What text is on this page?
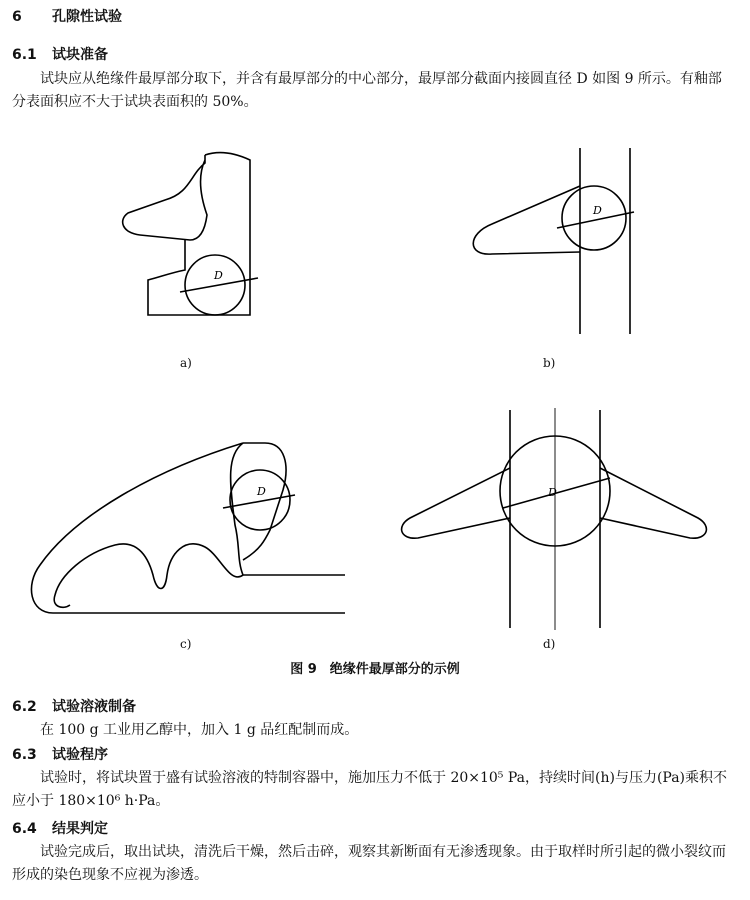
6 孔隙性试验
6.1 试块准备
试块应从绝缘件最厚部分取下，并含有最厚部分的中心部分，最厚部分截面内接圆直径 D 如图 9 所示。有釉部分表面积应不大于试块表面积的 50%。
D
a)
D
b)
D
c)
D
d)
图 9　绝缘件最厚部分的示例
6.2 试验溶液制备
在 100 g 工业用乙醇中，加入 1 g 品红配制而成。
6.3 试验程序
试验时，将试块置于盛有试验溶液的特制容器中，施加压力不低于 20×10⁵ Pa，持续时间(h)与压力(Pa)乘积不应小于 180×10⁶ h·Pa。
6.4 结果判定
试验完成后，取出试块，清洗后干燥，然后击碎，观察其新断面有无渗透现象。由于取样时所引起的微小裂纹而形成的染色现象不应视为渗透。
